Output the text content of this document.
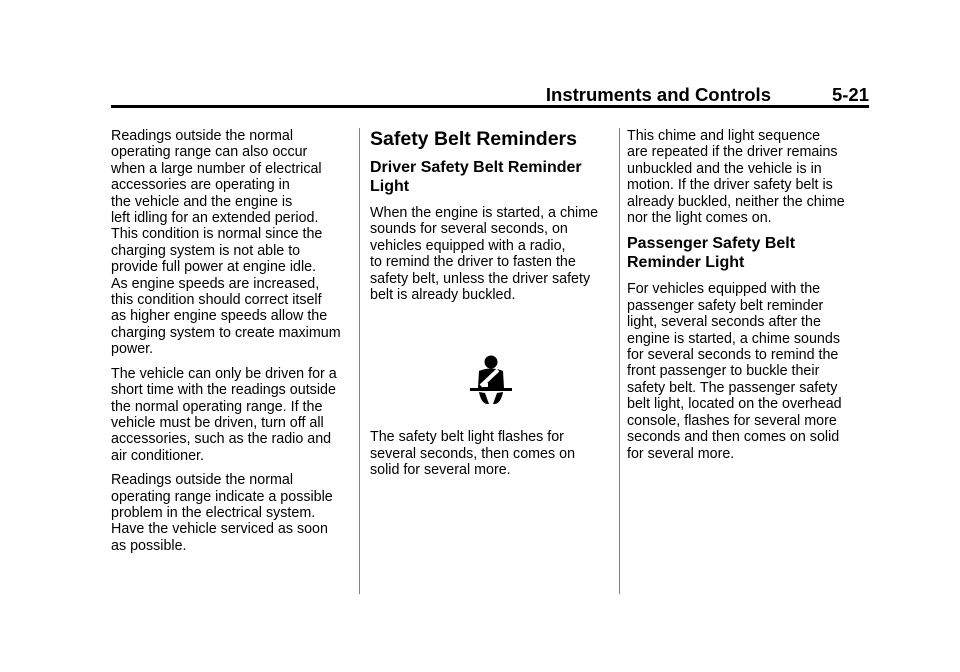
Instruments and Controls	5-21

Readings outside the normal
operating range can also occur
when a large number of electrical
accessories are operating in
the vehicle and the engine is
left idling for an extended period.
This condition is normal since the
charging system is not able to
provide full power at engine idle.
As engine speeds are increased,
this condition should correct itself
as higher engine speeds allow the
charging system to create maximum
power.

The vehicle can only be driven for a
short time with the readings outside
the normal operating range. If the
vehicle must be driven, turn off all
accessories, such as the radio and
air conditioner.

Readings outside the normal
operating range indicate a possible
problem in the electrical system.
Have the vehicle serviced as soon
as possible.

Safety Belt Reminders
Driver Safety Belt Reminder
Light

When the engine is started, a chime
sounds for several seconds, on
vehicles equipped with a radio,
to remind the driver to fasten the
safety belt, unless the driver safety
belt is already buckled.

The safety belt light flashes for
several seconds, then comes on
solid for several more.

This chime and light sequence
are repeated if the driver remains
unbuckled and the vehicle is in
motion. If the driver safety belt is
already buckled, neither the chime
nor the light comes on.

Passenger Safety Belt
Reminder Light

For vehicles equipped with the
passenger safety belt reminder
light, several seconds after the
engine is started, a chime sounds
for several seconds to remind the
front passenger to buckle their
safety belt. The passenger safety
belt light, located on the overhead
console, flashes for several more
seconds and then comes on solid
for several more.
